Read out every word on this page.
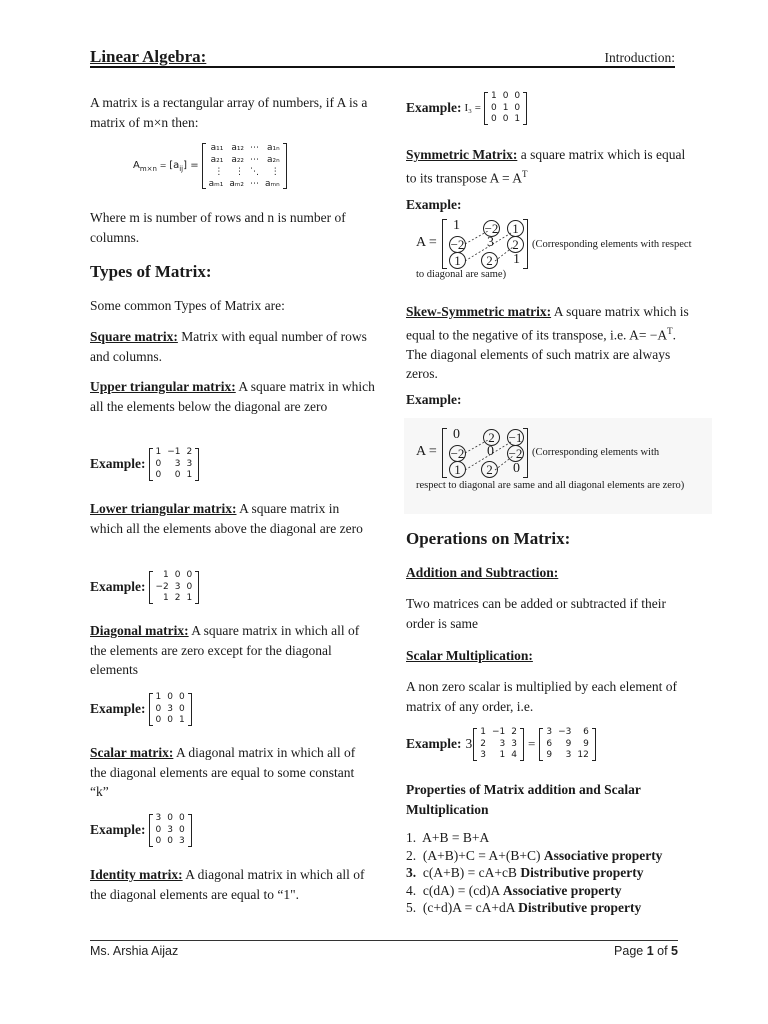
Linear Algebra:	Introduction:
A matrix is a rectangular array of numbers, if A is a matrix of m×n then:
$A_{m\times n} = [a_{ij}]$ =
a₁₁	a₁₂	⋯	a₁ₙ
a₂₁	a₂₂	⋯	a₂ₙ
⋮	⋮	⋱	⋮
aₘ₁	aₘ₂	⋯	aₘₙ
Where m is number of rows and n is number of columns.
Types of Matrix:
Some common Types of Matrix are:
Square matrix: Matrix with equal number of rows and columns.
Upper triangular matrix: A square matrix in which all the elements below the diagonal are zero
Example:
1	−1	2
0	3	3
0	0	1
Lower triangular matrix: A square matrix in which all the elements above the diagonal are zero
Example:
1	0	0
−2	3	0
1	2	1
Diagonal matrix: A square matrix in which all of the elements are zero except for the diagonal elements
Example:
1	0	0
0	3	0
0	0	1
Scalar matrix: A diagonal matrix in which all of the diagonal elements are equal to some constant “k”
Example:
3	0	0
0	3	0
0	0	3
Identity matrix: A diagonal matrix in which all of the diagonal elements are equal to “1".
Example: I₃ =
1	0	0
0	1	0
0	0	1
Symmetric Matrix: a square matrix which is equal to its transpose $A = A^T$
Example:
A =
1 −2	1
−2 3	2
1	2	1
(Corresponding elements with respect
to diagonal are same)
Skew-Symmetric matrix: A square matrix which is equal to the negative of its transpose, i.e. $A= -A^T$. The diagonal elements of such matrix are always zeros.
Example:
A =
0	2	−1
−2 0 −2
1	2	0
(Corresponding elements with
respect to diagonal are same and all diagonal elements are zero)
Operations on Matrix:
Addition and Subtraction:
Two matrices can be added or subtracted if their order is same
Scalar Multiplication:
A non zero scalar is multiplied by each element of matrix of any order, i.e.
Example: 3
1	−1	2
2	3	3
3	1	4
=
3	−3	6
6	9	9
9	3	12
Properties of Matrix addition and Scalar Multiplication
1. A+B = B+A
2. (A+B)+C = A+(B+C) Associative property
3. c(A+B) = cA+cB Distributive property
4. c(dA) = (cd)A Associative property
5. (c+d)A = cA+dA Distributive property
Ms. Arshia Aijaz	Page 1 of 5
